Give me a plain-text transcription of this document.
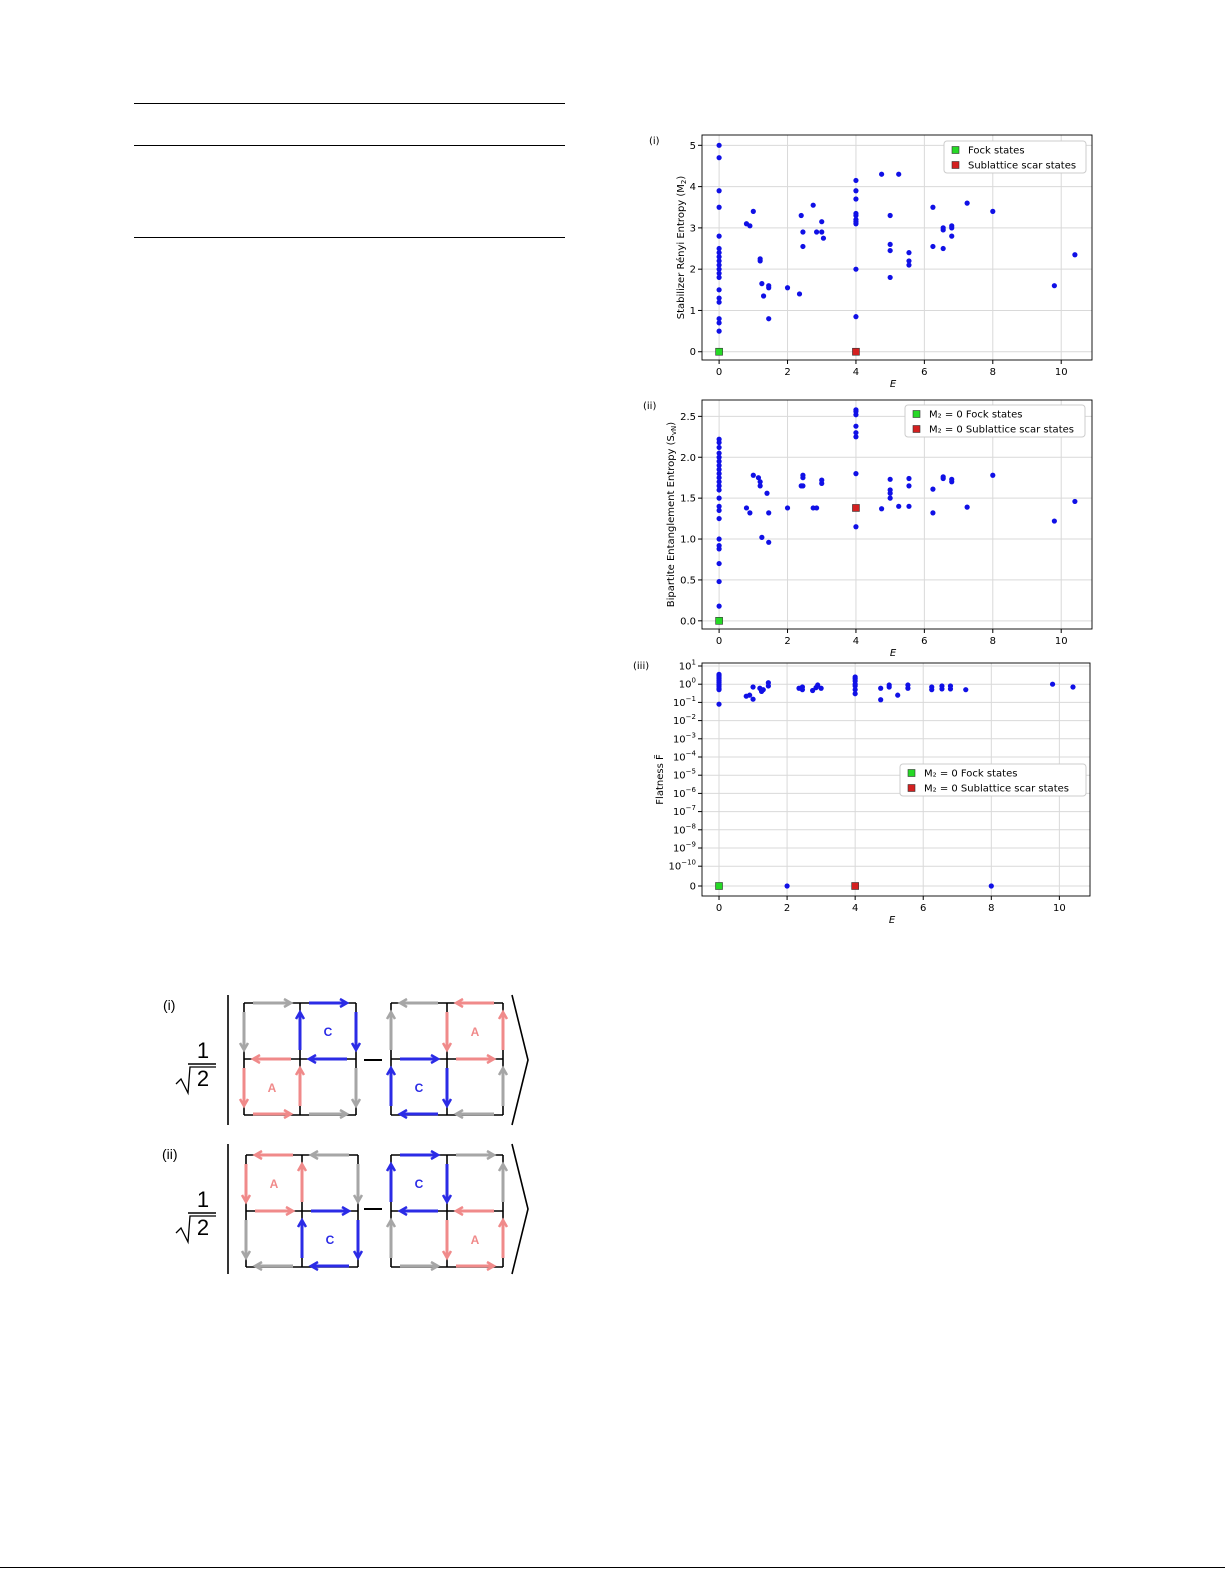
0	2	4	6	8	10
0
1
2
3
4
5
E
Stabilizer Rényi Entropy $(M_2)$
(i)
Fock states
Sublattice scar states
0	2	4	6	8	10
0.0
0.5
1.0
1.5
2.0
2.5
E
Bipartite Entanglement Entropy $(S_{vN})$
(ii)
M₂ = 0 Fock states
M₂ = 0 Sublattice scar states
0	2	4	6	8	10
$10^1$
$10^0$
$10^{-1}$
$10^{-2}$
$10^{-3}$
$10^{-4}$
$10^{-5}$
$10^{-6}$
$10^{-7}$
$10^{-8}$
$10^{-9}$
$10^{-10}$
0
E
Flatness F̃
(iii)
M₂ = 0 Fock states
M₂ = 0 Sublattice scar states
(i)
1
2
C
A
A
C
(ii)
1
2
A
C
C
A
